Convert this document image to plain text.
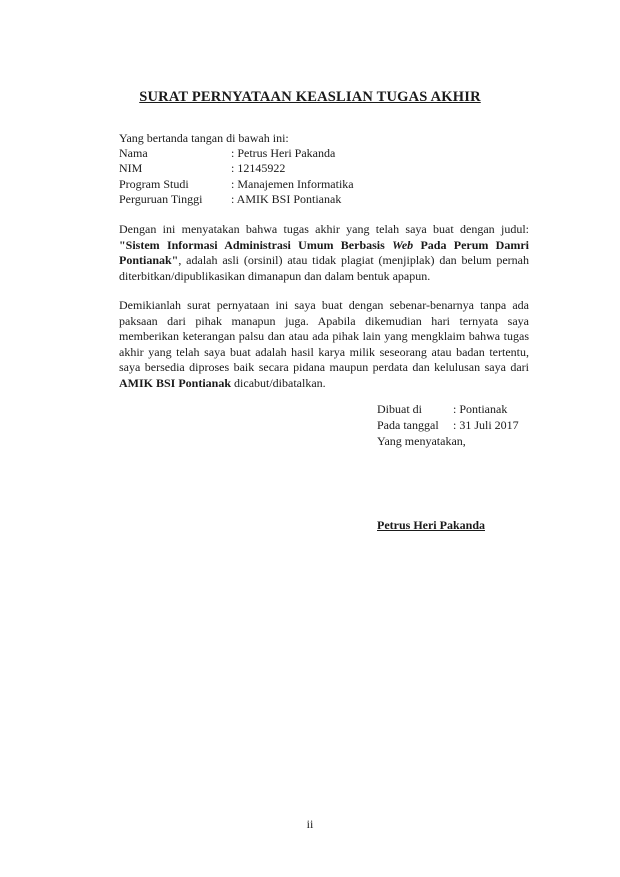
SURAT PERNYATAAN KEASLIAN TUGAS AKHIR
Yang bertanda tangan di bawah ini:
Nama	: Petrus Heri Pakanda
NIM	: 12145922
Program Studi	: Manajemen Informatika
Perguruan Tinggi : AMIK BSI Pontianak

Dengan ini menyatakan bahwa tugas akhir yang telah saya buat dengan judul: "Sistem Informasi Administrasi Umum Berbasis Web Pada Perum Damri Pontianak", adalah asli (orsinil) atau tidak plagiat (menjiplak) dan belum pernah diterbitkan/dipublikasikan dimanapun dan dalam bentuk apapun.

Demikianlah surat pernyataan ini saya buat dengan sebenar-benarnya tanpa ada paksaan dari pihak manapun juga. Apabila dikemudian hari ternyata saya memberikan keterangan palsu dan atau ada pihak lain yang mengklaim bahwa tugas akhir yang telah saya buat adalah hasil karya milik seseorang atau badan tertentu, saya bersedia diproses baik secara pidana maupun perdata dan kelulusan saya dari AMIK BSI Pontianak dicabut/dibatalkan.

Dibuat di	: Pontianak
Pada tanggal : 31 Juli 2017
Yang menyatakan,
Petrus Heri Pakanda
ii
